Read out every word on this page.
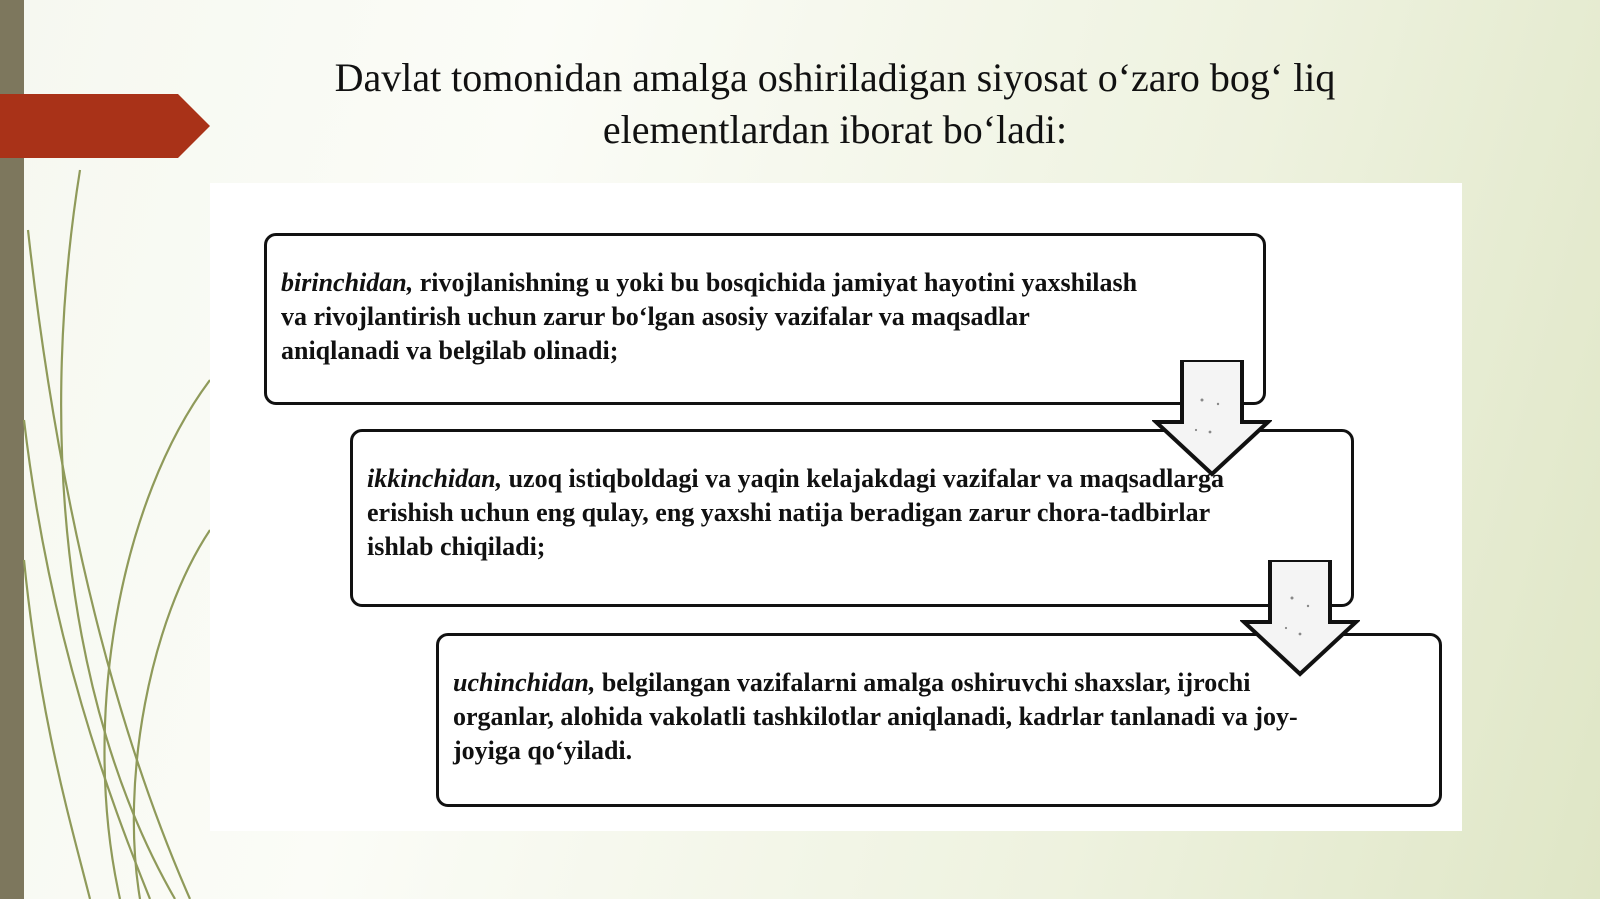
Davlat tomonidan amalga oshiriladigan siyosat o‘zaro bog‘ liq
elementlardan iborat bo‘ladi:
birinchidan, rivojlanishning u yoki bu bosqichida jamiyat hayotini yaxshilash va rivojlantirish uchun zarur bo‘lgan asosiy vazifalar va maqsadlar aniqlanadi va belgilab olinadi;
ikkinchidan, uzoq istiqboldagi va yaqin kelajakdagi vazifalar va maqsadlarga erishish uchun eng qulay, eng yaxshi natija beradigan zarur chora-tadbirlar ishlab chiqiladi;
uchinchidan, belgilangan vazifalarni amalga oshiruvchi shaxslar, ijrochi organlar, alohida vakolatli tashkilotlar aniqlanadi, kadrlar tanlanadi va joy-joyiga qo‘yiladi.
